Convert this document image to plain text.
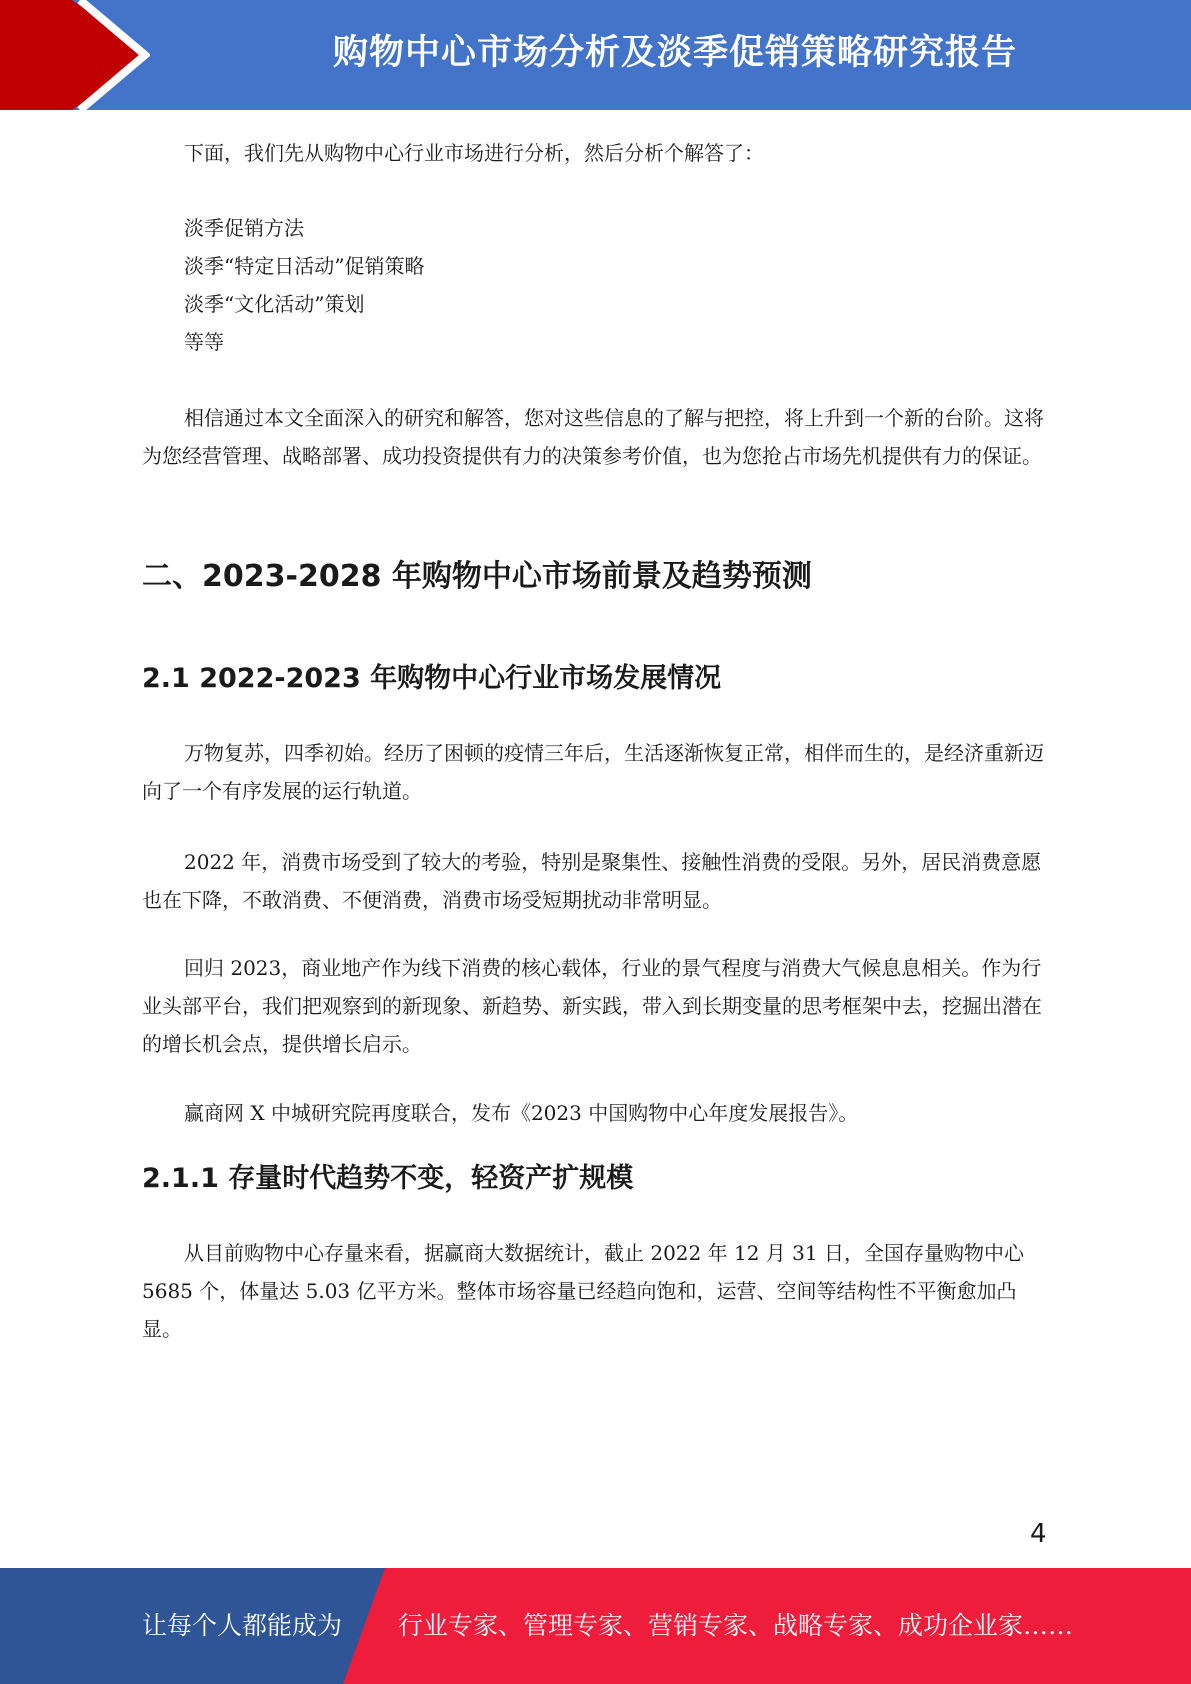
购物中心市场分析及淡季促销策略研究报告

下面，我们先从购物中心行业市场进行分析，然后分析个解答了：

淡季促销方法

淡季“特定日活动”促销策略

淡季“文化活动”策划

等等

相信通过本文全面深入的研究和解答，您对这些信息的了解与把控，将上升到一个新的台阶。这将为您经营管理、战略部署、成功投资提供有力的决策参考价值，也为您抢占市场先机提供有力的保证。

二、2023-2028 年购物中心市场前景及趋势预测
2.1 2022-2023 年购物中心行业市场发展情况

万物复苏，四季初始。经历了困顿的疫情三年后，生活逐渐恢复正常，相伴而生的，是经济重新迈向了一个有序发展的运行轨道。

2022 年，消费市场受到了较大的考验，特别是聚集性、接触性消费的受限。另外，居民消费意愿也在下降，不敢消费、不便消费，消费市场受短期扰动非常明显。

回归 2023，商业地产作为线下消费的核心载体，行业的景气程度与消费大气候息息相关。作为行业头部平台，我们把观察到的新现象、新趋势、新实践，带入到长期变量的思考框架中去，挖掘出潜在的增长机会点，提供增长启示。

赢商网 X 中城研究院再度联合，发布《2023 中国购物中心年度发展报告》。

2.1.1 存量时代趋势不变，轻资产扩规模

从目前购物中心存量来看，据赢商大数据统计，截止 2022 年 12 月 31 日，全国存量购物中心 5685 个，体量达 5.03 亿平方米。整体市场容量已经趋向饱和，运营、空间等结构性不平衡愈加凸显。

4
让每个人都能成为 行业专家、管理专家、营销专家、战略专家、成功企业家……
